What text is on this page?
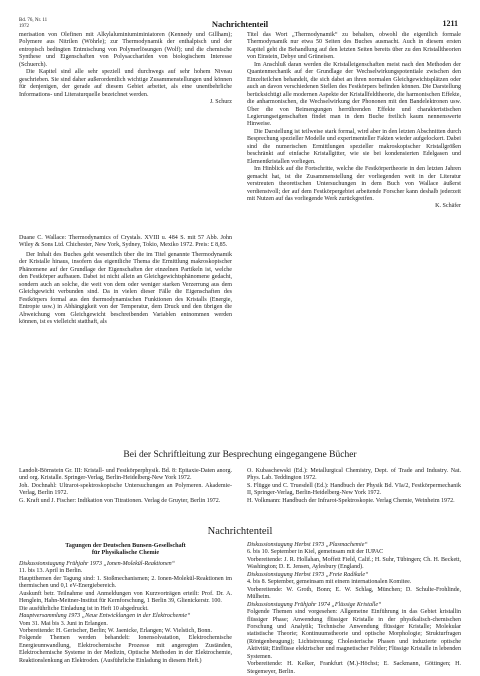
Bd. 76, Nr. 11
1972	Nachrichtenteil	1211

merisation von Olefinen mit Alkylaluminiumiminiatoren (Kennedy und Gillham); Polymere aus Nitrilen (Wöhrle); zur Thermodynamik der enthalpisch und der entropisch bedingten Entmischung von Polymerlösungen (Wolf); und die chemische Synthese und Eigenschaften von Polysacchariden von biologischem Interesse (Schuerch).

Die Kapitel sind alle sehr speziell und durchwegs auf sehr hohem Niveau geschrieben. Sie sind daher außerordentlich wichtige Zusammenstellungen und können für denjenigen, der gerade auf diesem Gebiet arbeitet, als eine unentbehrliche Informations- und Literaturquelle bezeichnet werden.

J. Schurz

Duane C. Wallace: Thermodynamics of Crystals. XVIII u. 484 S. mit 57 Abb. John Wiley & Sons Ltd. Chichester, New York, Sydney, Tokio, Mexiko 1972. Preis: £ 8,85.

Der Inhalt des Buches geht wesentlich über die im Titel genannte Thermodynamik der Kristalle hinaus, insofern das eigentliche Thema die Ermittlung makroskopischer Phänomene auf der Grundlage der Eigenschaften der einzelnen Partikeln ist, welche den Festkörper aufbauen. Dabei ist nicht allein an Gleichgewichtsphänomene gedacht, sondern auch an solche, die weit von dem oder weniger starken Verzerrung aus dem Gleichgewicht verbunden sind. Da in vielen dieser Fälle die Eigenschaften des Festkörpers formal aus den thermodynamischen Funktionen des Kristalls (Energie, Entropie usw.) in Abhängigkeit von der Temperatur, dem Druck und den übrigen die Abweichung vom Gleichgewicht beschreibenden Variablen entnommen werden können, ist es vielleicht statthaft, als

Titel das Wort „Thermodynamik“ zu behalten, obwohl die eigentlich formale Thermodynamik nur etwa 50 Seiten des Buches ausmacht. Auch in diesem ersten Kapitel geht die Behandlung auf den letzten Seiten bereits über zu den Kristalltheorien von Einstein, Debye und Grüneisen.

Im Anschluß daran werden die Kristalleigenschaften meist nach den Methoden der Quantenmechanik auf der Grundlage der Wechselwirkungspotentiale zwischen den Einzelteilchen behandelt, die sich dabei an ihren normalen Gleichgewichtsplätzen oder auch an davon verschiedenen Stellen des Festkörpers befinden können. Die Darstellung berücksichtigt alle modernen Aspekte der Kristallfeldtheorie, die harmonischen Effekte, die anharmonischen, die Wechselwirkung der Phononen mit den Bandelektronen usw. Über die von Beimengungen herrührenden Effekte und charakteristischen Legierungseigenschaften findet man in dem Buche freilich kaum nennenswerte Hinweise.

Die Darstellung ist teilweise stark formal, wird aber in den letzten Abschnitten durch Besprechung spezieller Modelle und experimenteller Fakten wieder aufgelockert. Dabei sind die numerischen Ermittlungen spezieller makroskopischer Kristallgrößen beschränkt auf einfache Kristallgitter, wie sie bei kondensierten Edelgasen und Elementkristallen vorliegen.

Im Hinblick auf die Fortschritte, welche die Festkörpertheorie in den letzten Jahren gemacht hat, ist die Zusammenstellung der vorliegenden weit in der Literatur verstreuten theoretischen Untersuchungen in dem Buch von Wallace äußerst verdienstvoll; der auf dem Festkörpergebiet arbeitende Forscher kann deshalb jederzeit mit Nutzen auf das vorliegende Werk zurückgreifen.

K. Schäfer

Bei der Schriftleitung zur Besprechung eingegangene Bücher

Landolt-Börnstein Gr. III: Kristall- und Festkörperphysik. Bd. 8: Epitaxie-Daten anorg. und org. Kristalle. Springer-Verlag, Berlin-Heidelberg-New York 1972.

Joh. Dochnahl: Ultrarot-spektroskopische Untersuchungen an Polymeren. Akademie-Verlag, Berlin 1972.

G. Kraft und J. Fischer: Indikation von Titrationen. Verlag de Gruyter, Berlin 1972.

O. Kubaschewski (Ed.): Metallurgical Chemistry, Dept. of Trade and Industry. Nat. Phys. Lab. Teddington 1972.

S. Flügge und C. Truesdell (Ed.): Handbuch der Physik Bd. VIa/2, Festkörpermechanik II, Springer-Verlag, Berlin-Heidelberg-New York 1972.

H. Volkmann: Handbuch der Infrarot-Spektroskopie. Verlag Chemie, Weinheim 1972.

Nachrichtenteil

Tagungen der Deutschen Bunsen-Gesellschaft
für Physikalische Chemie

Diskussionstagung Frühjahr 1973 „Ionen-Molekül-Reaktionen“

11. bis 13. April in Berlin.

Hauptthemen der Tagung sind: 1. Stoßmechanismen; 2. Ionen-Molekül-Reaktionen im thermischen und 0,1 eV-Energiebereich.

Auskunft betr. Teilnahme und Anmeldungen von Kurzvorträgen erteilt: Prof. Dr. A. Henglein, Hahn-Meitner-Institut für Kernforschung, 1 Berlin 39, Glienickerstr. 100.

Die ausführliche Einladung ist in Heft 10 abgedruckt.

Hauptversammlung 1973 „Neue Entwicklungen in der Elektrochemie“

Vom 31. Mai bis 3. Juni in Erlangen.

Vorbereitende: H. Gerischer, Berlin; W. Jaenicke, Erlangen; W. Vielstich, Bonn.

Folgende Themen werden behandelt: Ionensolvatation, Elektrochemische Energieumwandlung, Elektrochemische Prozesse mit angeregten Zuständen, Elektrochemische Systeme in der Medizin, Optische Methoden in der Elektrochemie, Reaktionslenkung an Elektroden. (Ausführliche Einladung in diesem Heft.)

Diskussionstagung Herbst 1973 „Plasmachemie“

6. bis 10. September in Kiel, gemeinsam mit der IUPAC

Vorbereitende: J. R. Hollahan, Moffett Field, Calif.; H. Suhr, Tübingen; Ch. H. Beckett, Washington; D. E. Jensen, Aylesbury (England).

Diskussionstagung Herbst 1973 „Freie Radikale“

4. bis 8. September, gemeinsam mit einem internationalen Komitee.

Vorbereitende: W. Groth, Bonn; E. W. Schlag, München; D. Schulte-Frohlinde, Mülheim.

Diskussionstagung Frühjahr 1974 „Flüssige Kristalle“

Folgende Themen sind vorgesehen: Allgemeine Einführung in das Gebiet kristallin flüssiger Phase; Anwendung flüssiger Kristalle in der physikalisch-chemischen Forschung und Analytik; Technische Anwendung flüssiger Kristalle; Molekular statistische Theorie; Kontinuumstheorie und optische Morphologie; Strukturfragen (Röntgenbeugung); Lichtstreuung; Cholesterische Phasen und induzierte optische Aktivität; Einflüsse elektrischer und magnetischer Felder; Flüssige Kristalle in lebenden Systemen.

Vorbereitende: H. Kelker, Frankfurt (M.)-Höchst; E. Sackmann, Göttingen; H. Stegemeyer, Berlin.
